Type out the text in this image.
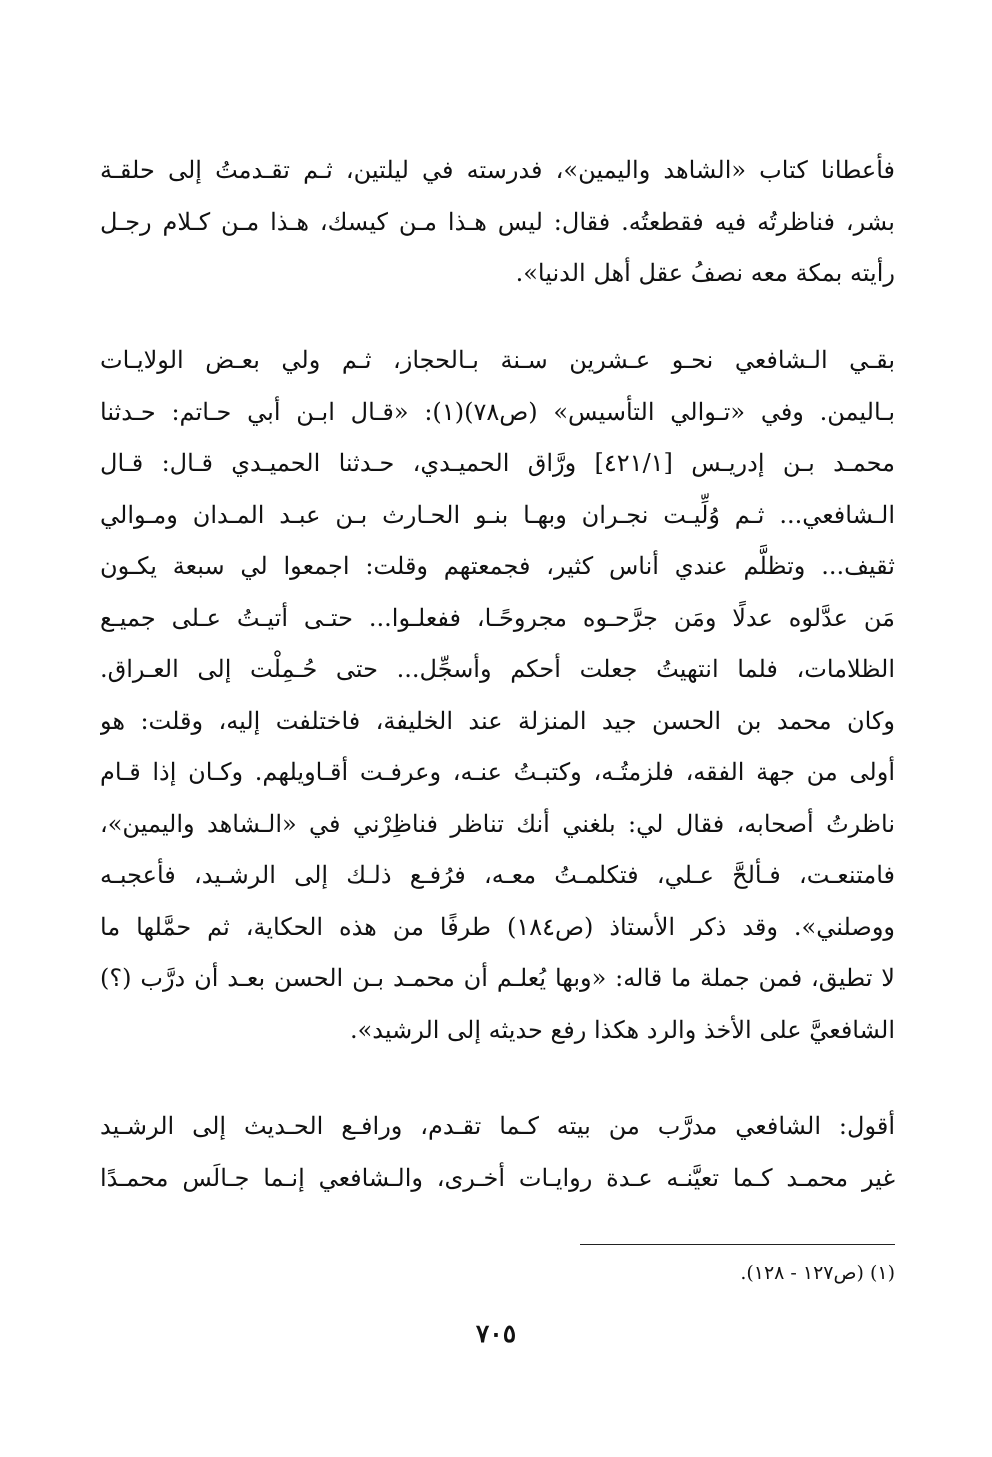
فأعطانا كتاب «الشاهد واليمين»، فدرسته في ليلتين، ثـم تقـدمتُ إلى حلقـة
بشر، فناظرتُه فيه فقطعتُه. فقال: ليس هـذا مـن كيسك، هـذا مـن كـلام رجـل
رأيته بمكة معه نصفُ عقل أهل الدنيا».
بقـي الـشافعي نحـو عـشرين سـنة بـالحجاز، ثـم ولي بعـض الولايـات
بـاليمن. وفي «تـوالي التأسيس» (ص٧٨)(١): «قـال ابـن أبي حـاتم: حـدثنا
محمـد بـن إدريـس [٤٢١/١] ورَّاق الحميـدي، حـدثنا الحميـدي قـال: قـال
الـشافعي... ثـم وُلِّيـت نجـران وبهـا بنـو الحـارث بـن عبـد المـدان ومـوالي
ثقيف... وتظلَّم عندي أناس كثير، فجمعتهم وقلت: اجمعوا لي سبعة يكـون
مَن عدَّلوه عدلًا ومَن جرَّحـوه مجروحًـا، ففعلـوا... حتـى أتيـتُ عـلى جميـع
الظلامات، فلما انتهيتُ جعلت أحكم وأسجِّل... حتى حُـمِلْت إلى العـراق.
وكان محمد بن الحسن جيد المنزلة عند الخليفة، فاختلفت إليه، وقلت: هو
أولى من جهة الفقه، فلزمتُـه، وكتبـتُ عنـه، وعرفـت أقـاويلهم. وكـان إذا قـام
ناظرتُ أصحابه، فقال لي: بلغني أنك تناظر فناظِرْني في «الـشاهد واليمين»،
فامتنعـت، فـألحَّ عـلي، فتكلمـتُ معـه، فرُفـع ذلـك إلى الرشـيد، فأعجبـه
ووصلني». وقد ذكر الأستاذ (ص١٨٤) طرفًا من هذه الحكاية، ثم حمَّلها ما
لا تطيق، فمن جملة ما قاله: «وبها يُعلـم أن محمـد بـن الحسن بعـد أن درَّب (؟)
الشافعيَّ على الأخذ والرد هكذا رفع حديثه إلى الرشيد».
أقول: الشافعي مدرَّب من بيته كـما تقـدم، ورافـع الحـديث إلى الرشـيد
غير محمـد كـما تعيَّنـه عـدة روايـات أخـرى، والـشافعي إنـما جـالَس محمـدًا
(١) (ص١٢٧ - ١٢٨).
٧٠٥
